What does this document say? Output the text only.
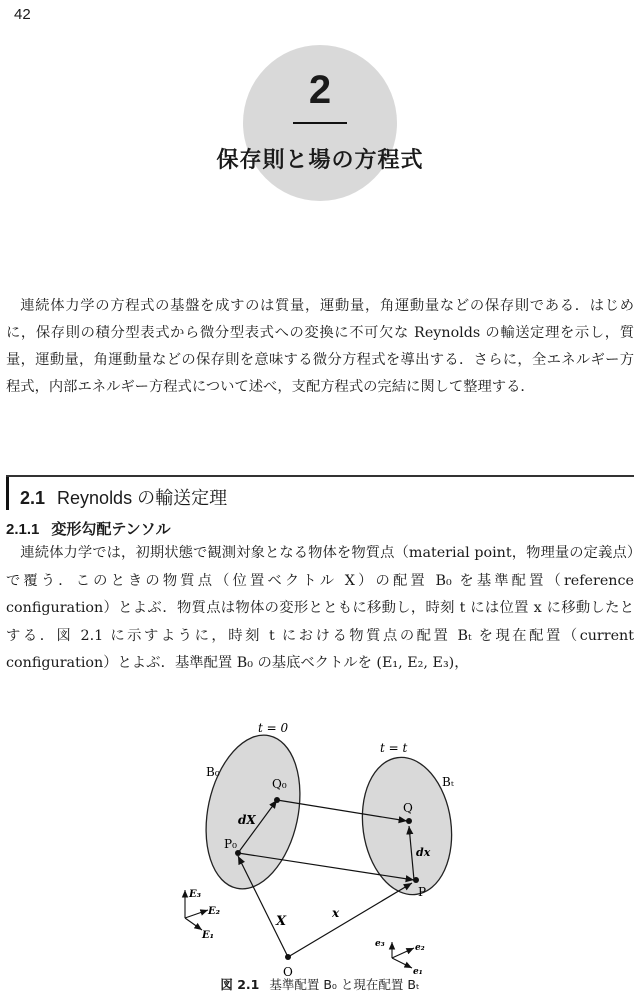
42
2
保存則と場の方程式

連続体力学の方程式の基盤を成すのは質量，運動量，角運動量などの保存則である．はじめに，保存則の積分型表式から微分型表式への変換に不可欠な Reynolds の輸送定理を示し，質量，運動量，角運動量などの保存則を意味する微分方程式を導出する．さらに，全エネルギー方程式，内部エネルギー方程式について述べ，支配方程式の完結に関して整理する．

2.1 Reynolds の輸送定理
2.1.1 変形勾配テンソル

連続体力学では，初期状態で観測対象となる物体を物質点（material point，物理量の定義点）で覆う．このときの物質点（位置ベクトル X）の配置 B₀ を基準配置（reference configuration）とよぶ．物質点は物体の変形とともに移動し，時刻 t には位置 x に移動したとする．図 2.1 に示すように，時刻 t における物質点の配置 Bₜ を現在配置（current configuration）とよぶ．基準配置 B₀ の基底ベクトルを (E₁, E₂, E₃)，

t = 0
t = t
B₀
Bₜ
Q₀
Q
P₀
P
O
dX
dx
X
x
E₃
E₂
E₁
e₃	e₂
e₁
図 2.1 基準配置 B₀ と現在配置 Bₜ
